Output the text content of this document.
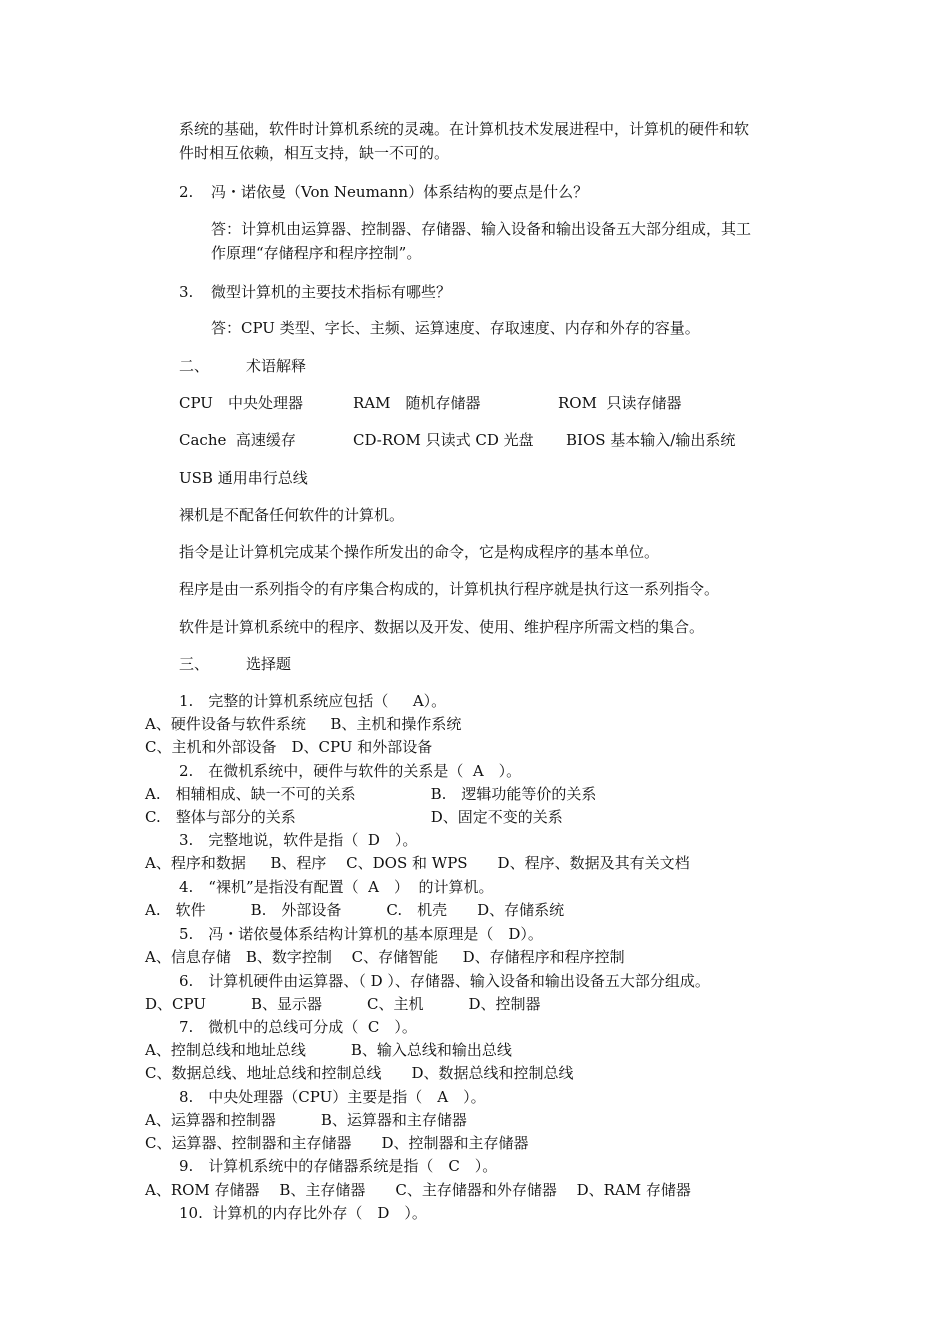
系统的基础，软件时计算机系统的灵魂。在计算机技术发展进程中，计算机的硬件和软
件时相互依赖，相互支持，缺一不可的。
2. 冯・诺依曼（Von Neumann）体系结构的要点是什么？
答：计算机由运算器、控制器、存储器、输入设备和输出设备五大部分组成，其工
作原理“存储程序和程序控制”。
3. 微型计算机的主要技术指标有哪些？
答：CPU 类型、字长、主频、运算速度、存取速度、内存和外存的容量。
二、 术语解释
CPU　中央处理器	RAM　随机存储器	ROM  只读存储器
Cache  高速缓存	CD-ROM 只读式 CD 光盘 BIOS 基本输入/输出系统
USB 通用串行总线
裸机是不配备任何软件的计算机。
指令是让计算机完成某个操作所发出的命令，它是构成程序的基本单位。
程序是由一系列指令的有序集合构成的，计算机执行程序就是执行这一系列指令。
软件是计算机系统中的程序、数据以及开发、使用、维护程序所需文档的集合。
三、 选择题
1.　完整的计算机系统应包括（　  A）。
A、硬件设备与软件系统　  B、主机和操作系统
C、主机和外部设备　D、CPU 和外部设备
2.　在微机系统中，硬件与软件的关系是（  A　）。
A.　相辅相成、缺一不可的关系　　　　　B.　逻辑功能等价的关系
C.　整体与部分的关系　　　　　　　　　D、固定不变的关系
3.　完整地说，软件是指（  D　）。
A、程序和数据　  B、程序　 C、DOS 和 WPS　　D、程序、数据及其有关文档
4.　“裸机”是指没有配置（  A　）  的计算机。
A.　软件　　　B.　外部设备　　　C.　机壳　　D、存储系统
5.　冯・诺依曼体系结构计算机的基本原理是（　D）。
A、信息存储　B、数字控制　 C、存储智能　  D、存储程序和程序控制
6.　计算机硬件由运算器、（ D ）、存储器、输入设备和输出设备五大部分组成。
D、CPU　　　B、显示器　　　C、主机　　　D、控制器
7.　微机中的总线可分成（  C　）。
A、控制总线和地址总线　　　B、输入总线和输出总线
C、数据总线、地址总线和控制总线　　D、数据总线和控制总线
8.　中央处理器（CPU）主要是指（　A　）。
A、运算器和控制器　　　B、运算器和主存储器
C、运算器、控制器和主存储器　　D、控制器和主存储器
9.　计算机系统中的存储器系统是指（　C　）。
A、ROM 存储器　 B、主存储器　　C、主存储器和外存储器　 D、RAM 存储器
10.  计算机的内存比外存（　D　）。
